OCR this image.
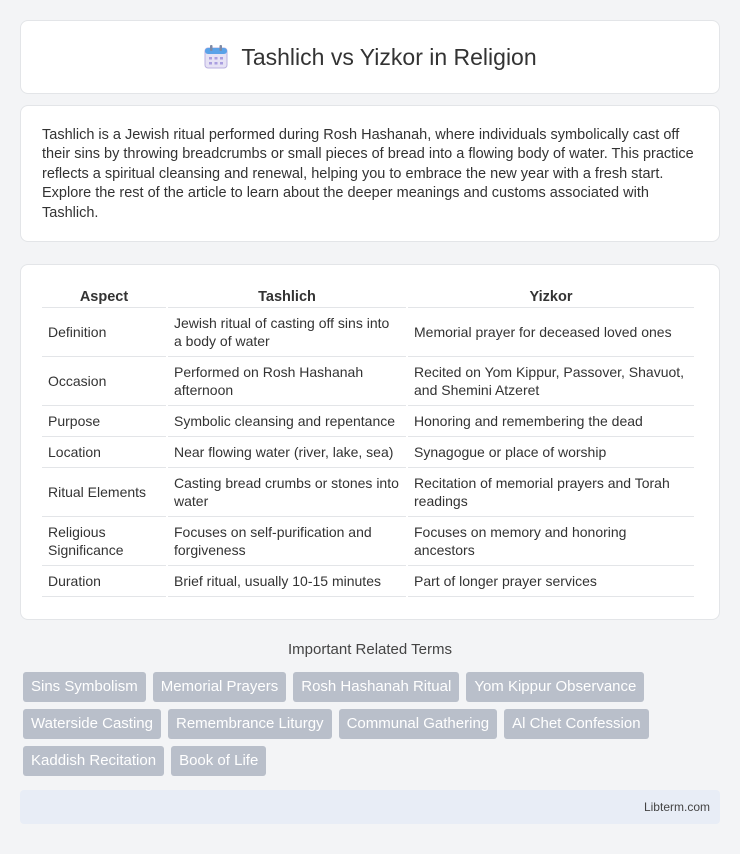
Tashlich vs Yizkor in Religion

Tashlich is a Jewish ritual performed during Rosh Hashanah, where individuals symbolically cast off their sins by throwing breadcrumbs or small pieces of bread into a flowing body of water. This practice reflects a spiritual cleansing and renewal, helping you to embrace the new year with a fresh start. Explore the rest of the article to learn about the deeper meanings and customs associated with Tashlich.

Aspect	Tashlich	Yizkor
Definition	Jewish ritual of casting off sins into a body of water	Memorial prayer for deceased loved ones
Occasion	Performed on Rosh Hashanah afternoon	Recited on Yom Kippur, Passover, Shavuot, and Shemini Atzeret
Purpose	Symbolic cleansing and repentance	Honoring and remembering the dead
Location	Near flowing water (river, lake, sea)	Synagogue or place of worship
Ritual Elements	Casting bread crumbs or stones into water	Recitation of memorial prayers and Torah readings
Religious Significance	Focuses on self-purification and forgiveness	Focuses on memory and honoring ancestors
Duration	Brief ritual, usually 10-15 minutes	Part of longer prayer services
Important Related Terms
Sins Symbolism	Memorial Prayers	Rosh Hashanah Ritual	Yom Kippur Observance
Waterside Casting	Remembrance Liturgy	Communal Gathering	Al Chet Confession
Kaddish Recitation	Book of Life
Libterm.com
